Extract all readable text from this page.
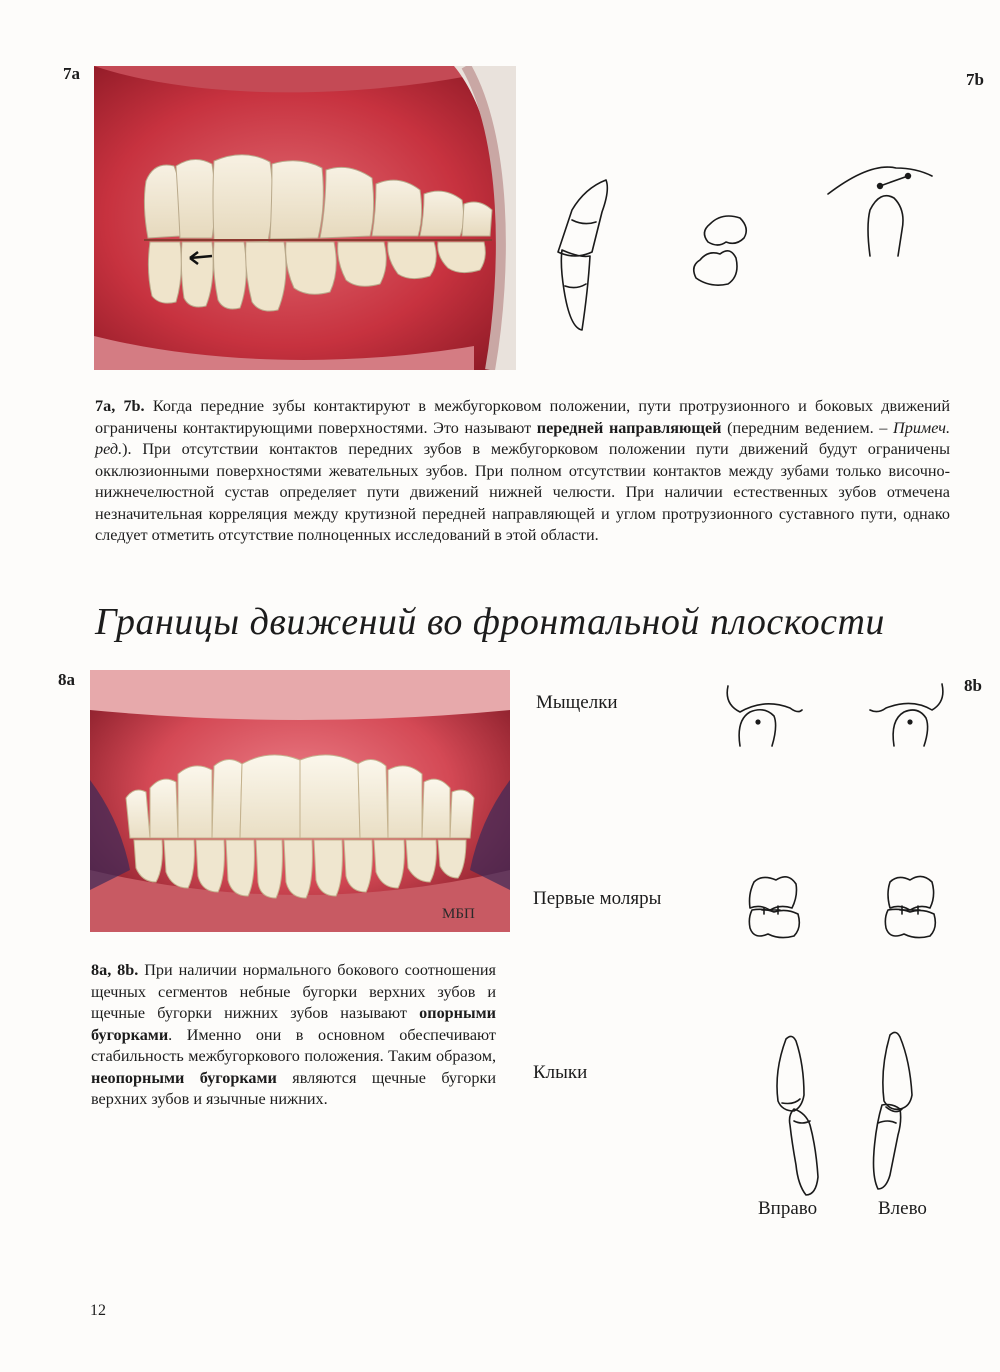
7a	7b
7a, 7b. Когда передние зубы контактируют в межбугорковом положении, пути протрузионного и боковых движений ограничены контактирующими поверхностями. Это называют передней направляющей (передним ведением. – Примеч. ред.). При отсутствии контактов передних зубов в межбугорковом положении пути движений будут ограничены окклюзионными поверхностями жевательных зубов. При полном отсутствии контактов между зубами только височно-нижнечелюстной сустав определяет пути движений нижней челюсти. При наличии естественных зубов отмечена незначительная корреляция между крутизной передней направляющей и углом протрузионного суставного пути, однако следует отметить отсутствие полноценных исследований в этой области.
Границы движений во фронтальной плоскости
8a	8b
МБП
Мыщелки
Первые моляры
Клыки
Вправо	Влево
8a, 8b. При наличии нормального бокового соотношения щечных сегментов небные бугорки верхних зубов и щечные бугорки нижних зубов называют опорными бугорками. Именно они в основном обеспечивают стабильность межбугоркового положения. Таким образом, неопорными бугорками являются щечные бугорки верхних зубов и язычные нижних.
12
